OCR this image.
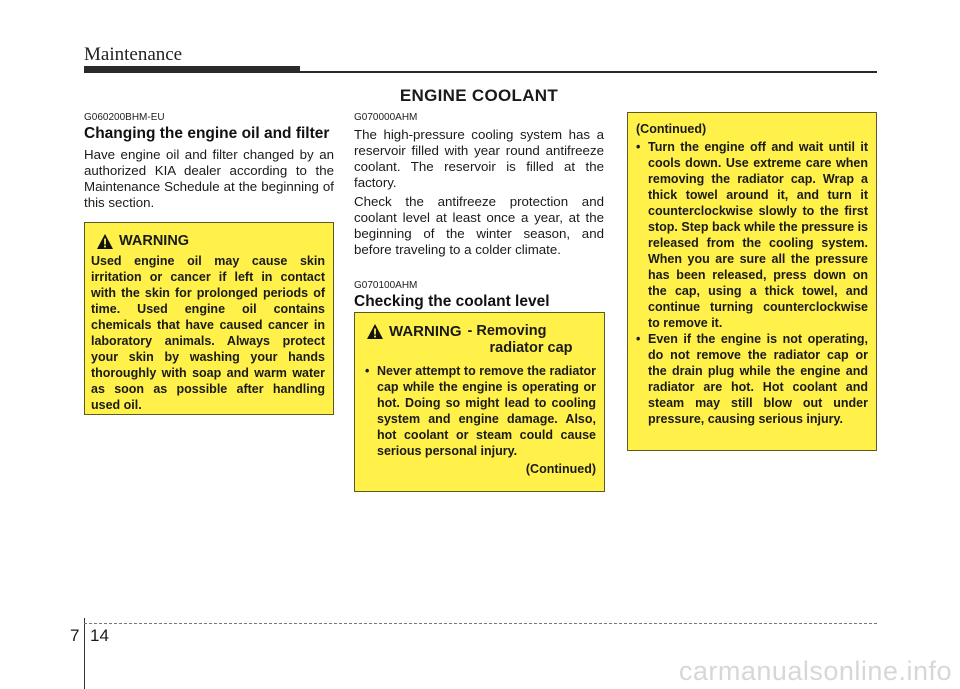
Maintenance
ENGINE COOLANT
G060200BHM-EU
Changing the engine oil and filter
Have engine oil and filter changed by an authorized KIA dealer according to the Maintenance Schedule at the beginning of this section.
WARNING
Used engine oil may cause skin irritation or cancer if left in contact with the skin for prolonged periods of time. Used engine oil contains chemicals that have caused cancer in laboratory animals. Always protect your skin by washing your hands thoroughly with soap and warm water as soon as possible after handling used oil.
G070000AHM
The high-pressure cooling system has a reservoir filled with year round antifreeze coolant. The reservoir is filled at the factory.
Check the antifreeze protection and coolant level at least once a year, at the beginning of the winter season, and before traveling to a colder climate.
G070100AHM
Checking the coolant level
WARNING - Removing
radiator cap
• Never attempt to remove the radiator cap while the engine is operating or hot. Doing so might lead to cooling system and engine damage. Also, hot coolant or steam could cause serious personal injury.
(Continued)
(Continued)
• Turn the engine off and wait until it cools down. Use extreme care when removing the radiator cap. Wrap a thick towel around it, and turn it counterclockwise slowly to the first stop. Step back while the pressure is released from the cooling system. When you are sure all the pressure has been released, press down on the cap, using a thick towel, and continue turning counterclockwise to remove it.
• Even if the engine is not operating, do not remove the radiator cap or the drain plug while the engine and radiator are hot. Hot coolant and steam may still blow out under pressure, causing serious injury.
7 14
carmanualsonline.info
